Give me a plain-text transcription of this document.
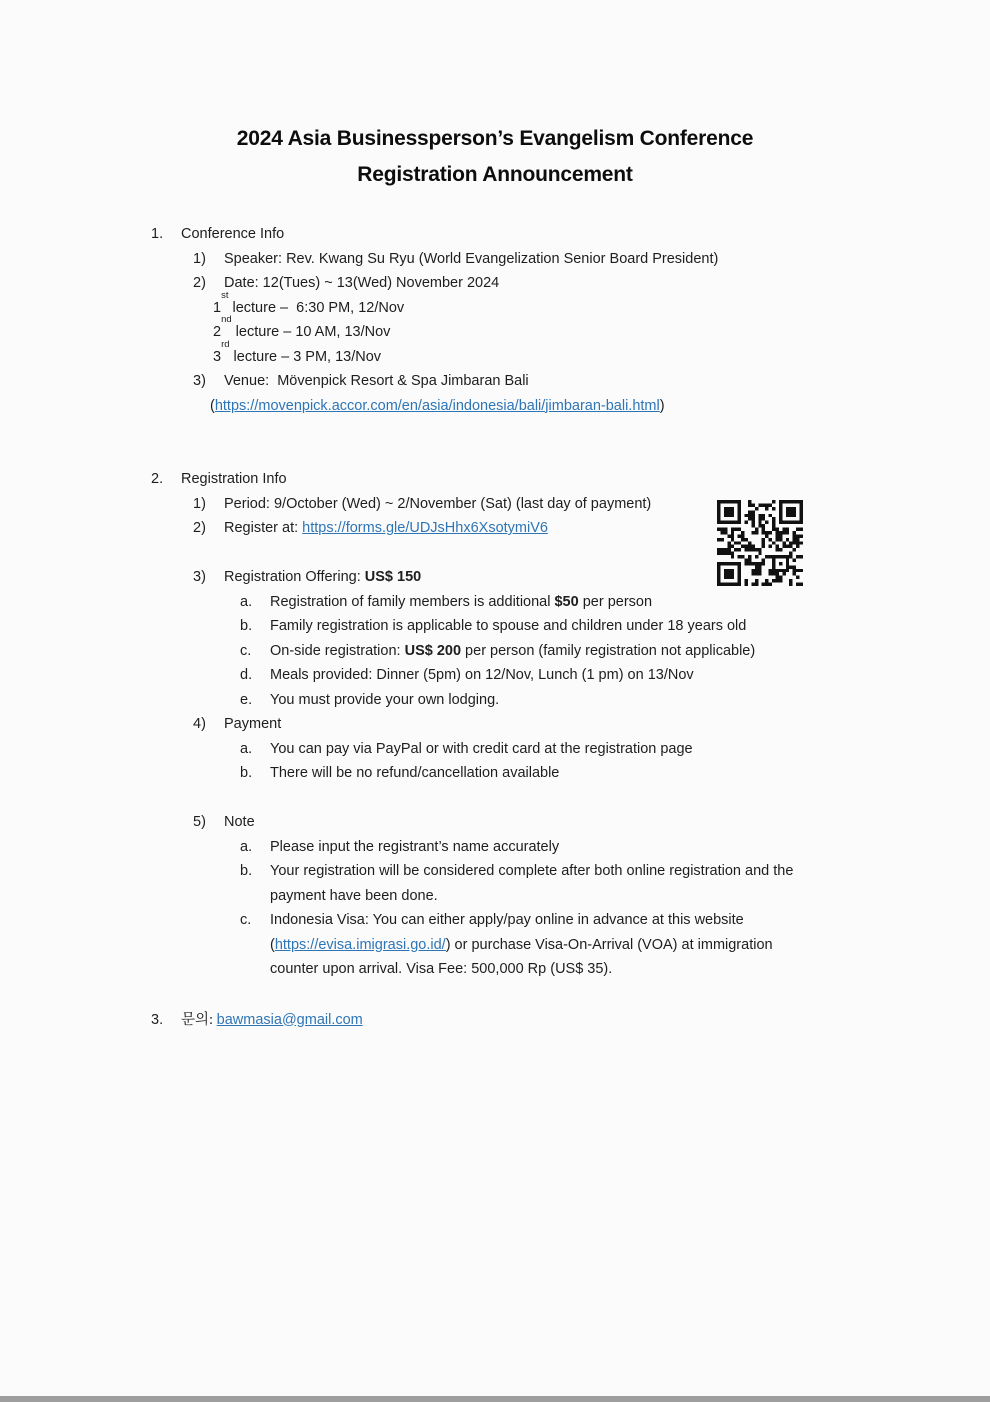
2024 Asia Businessperson’s Evangelism Conference
Registration Announcement
1.	Conference Info
1)	Speaker: Rev. Kwang Su Ryu (World Evangelization Senior Board President)
2)	Date: 12(Tues) ~ 13(Wed) November 2024
1
st
lecture –  6:30 PM, 12/Nov
2
nd
lecture – 10 AM, 13/Nov
3
rd
lecture – 3 PM, 13/Nov
3)	Venue:  Mövenpick Resort & Spa Jimbaran Bali
( https://movenpick.accor.com/en/asia/indonesia/bali/jimbaran-bali.html )
2.	Registration Info
1)	Period: 9/October (Wed) ~ 2/November (Sat) (last day of payment)
2)	Register at: https://forms.gle/UDJsHhx6XsotymiV6
3)	Registration Offering: US$ 150
a.	Registration of family members is additional $50 per person
b.	Family registration is applicable to spouse and children under 18 years old
c.	On-side registration: US$ 200 per person (family registration not applicable)
d.	Meals provided: Dinner (5pm) on 12/Nov, Lunch (1 pm) on 13/Nov
e.	You must provide your own lodging.
4)	Payment
a.	You can pay via PayPal or with credit card at the registration page
b.	There will be no refund/cancellation available
5)	Note
a.	Please input the registrant’s name accurately
b.	Your registration will be considered complete after both online registration and the
payment have been done.
c.	Indonesia Visa: You can either apply/pay online in advance at this website
( https://evisa.imigrasi.go.id/ ) or purchase Visa-On-Arrival (VOA) at immigration
counter upon arrival. Visa Fee: 500,000 Rp (US$ 35).
3.	문의: bawmasia@gmail.com
